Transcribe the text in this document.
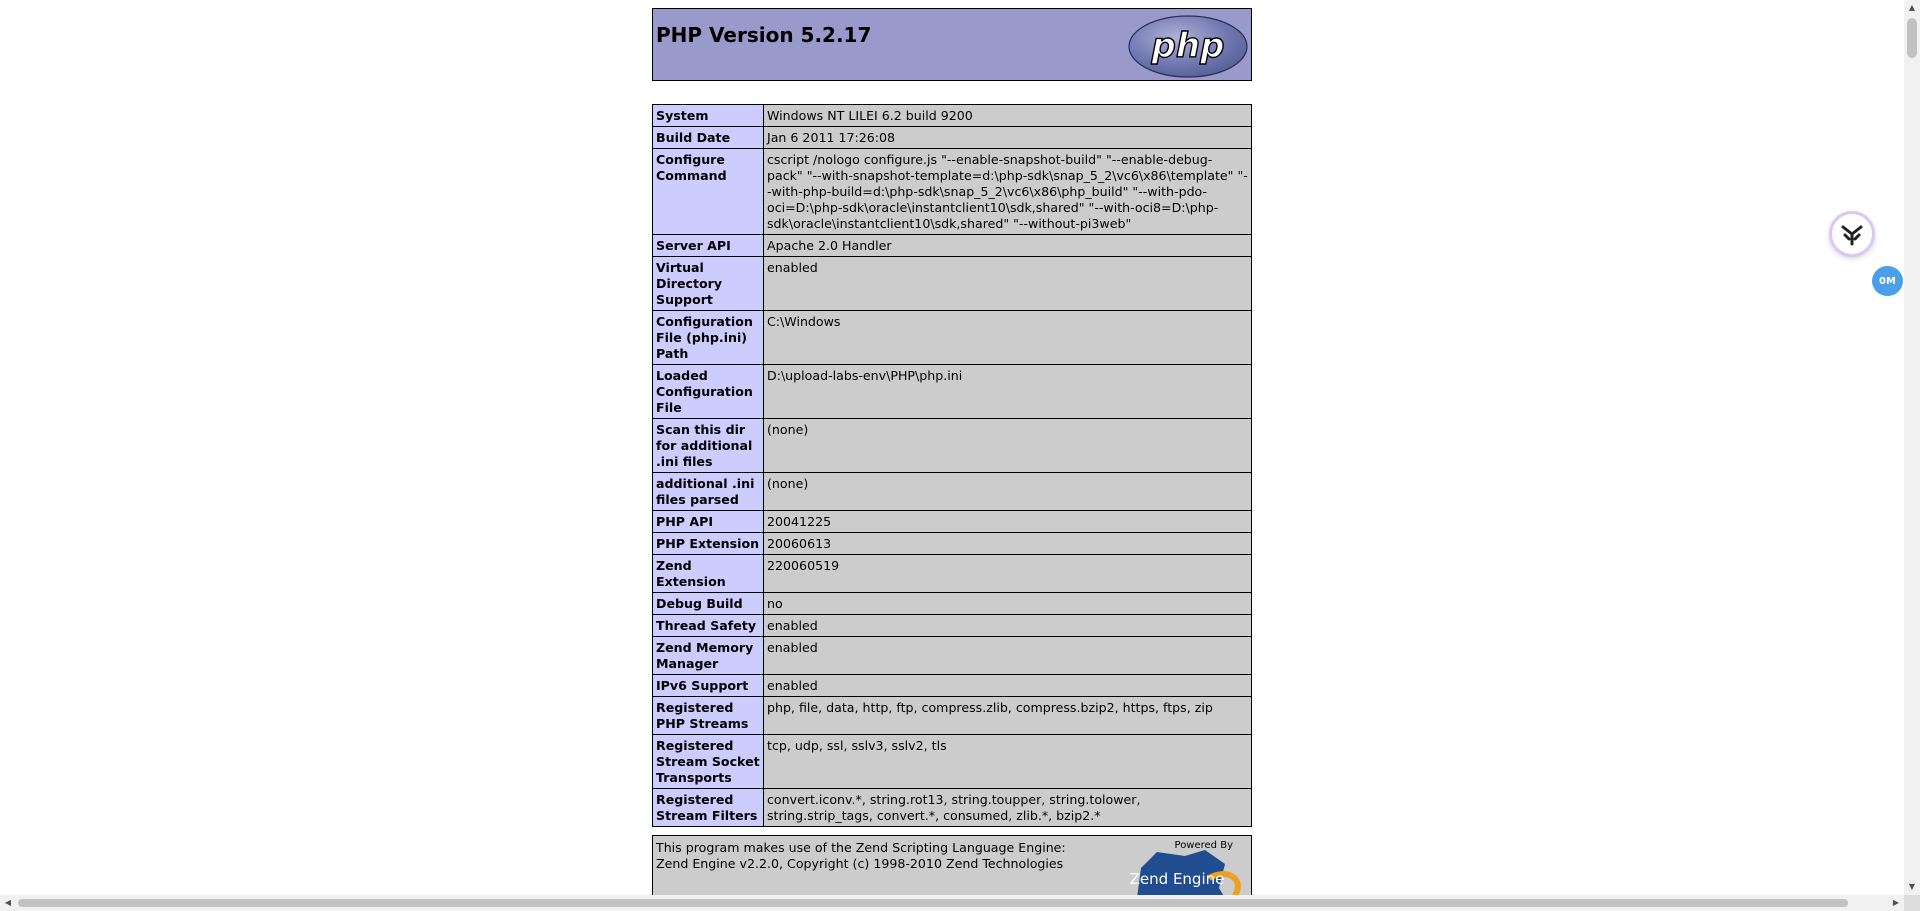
PHP Version 5.2.17	php
System	Windows NT LILEI 6.2 build 9200
Build Date	Jan 6 2011 17:26:08
Configure Command	cscript /nologo configure.js "--enable-snapshot-build" "--enable-debug-pack" "--with-snapshot-template=d:\php-sdk\snap_5_2\vc6\x86\template" "--with-php-build=d:\php-sdk\snap_5_2\vc6\x86\php_build" "--with-pdo-oci=D:\php-sdk\oracle\instantclient10\sdk,shared" "--with-oci8=D:\php-sdk\oracle\instantclient10\sdk,shared" "--without-pi3web"
Server API	Apache 2.0 Handler
Virtual Directory Support	enabled
Configuration File (php.ini) Path	C:\Windows
Loaded Configuration File	D:\upload-labs-env\PHP\php.ini
Scan this dir for additional .ini files	(none)
additional .ini files parsed	(none)
PHP API	20041225
PHP Extension	20060613
Zend Extension	220060519
Debug Build	no
Thread Safety	enabled
Zend Memory Manager	enabled
IPv6 Support	enabled
Registered PHP Streams	php, file, data, http, ftp, compress.zlib, compress.bzip2, https, ftps, zip
Registered Stream Socket Transports	tcp, udp, ssl, sslv3, sslv2, tls
Registered Stream Filters	convert.iconv.*, string.rot13, string.toupper, string.tolower, string.strip_tags, convert.*, consumed, zlib.*, bzip2.*
This program makes use of the Zend Scripting Language Engine:
Zend Engine v2.2.0, Copyright (c) 1998-2010 Zend Technologies
Powered By
Zend Engine
▲
▼
◀	▶
0M
